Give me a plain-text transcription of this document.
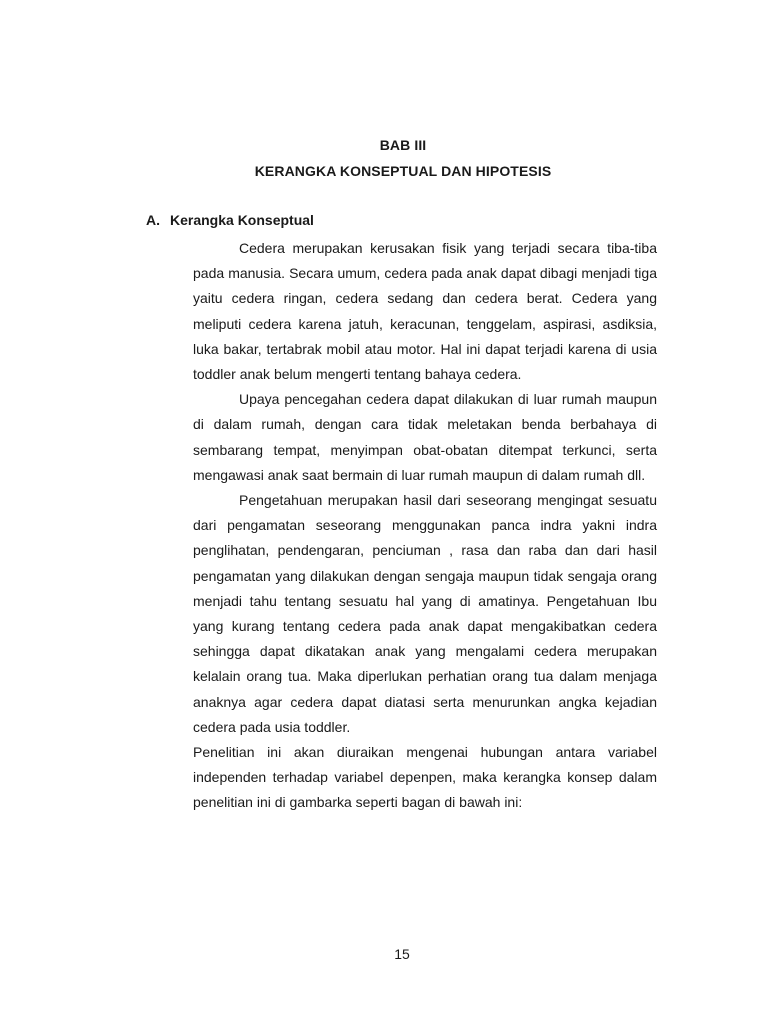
BAB III
KERANGKA KONSEPTUAL DAN HIPOTESIS
A. Kerangka Konseptual

Cedera merupakan kerusakan fisik yang terjadi secara tiba-tiba pada manusia. Secara umum, cedera pada anak dapat dibagi menjadi tiga yaitu cedera ringan, cedera sedang dan cedera berat. Cedera yang meliputi cedera karena jatuh, keracunan, tenggelam, aspirasi, asdiksia, luka bakar, tertabrak mobil atau motor. Hal ini dapat terjadi karena di usia toddler anak belum mengerti tentang bahaya cedera.

Upaya pencegahan cedera dapat dilakukan di luar rumah maupun di dalam rumah, dengan cara tidak meletakan benda berbahaya di sembarang tempat, menyimpan obat-obatan ditempat terkunci, serta mengawasi anak saat bermain di luar rumah maupun di dalam rumah dll.

Pengetahuan merupakan hasil dari seseorang mengingat sesuatu dari pengamatan seseorang menggunakan panca indra yakni indra penglihatan, pendengaran, penciuman , rasa dan raba dan dari hasil pengamatan yang dilakukan dengan sengaja maupun tidak sengaja orang menjadi tahu tentang sesuatu hal yang di amatinya. Pengetahuan Ibu yang kurang tentang cedera pada anak dapat mengakibatkan cedera sehingga dapat dikatakan anak yang mengalami cedera merupakan kelalain orang tua. Maka diperlukan perhatian orang tua dalam menjaga anaknya agar cedera dapat diatasi serta menurunkan angka kejadian cedera pada usia toddler.

Penelitian ini akan diuraikan mengenai hubungan antara variabel independen terhadap variabel depenpen, maka kerangka konsep dalam penelitian ini di gambarka seperti bagan di bawah ini:

15
